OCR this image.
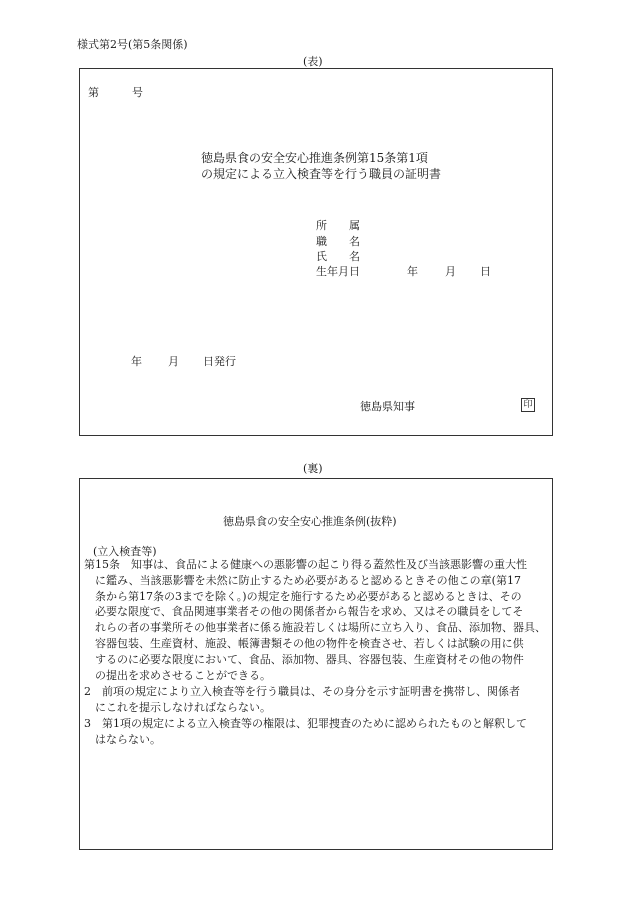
様式第2号(第5条関係)
(表)
第	号
徳島県食の安全安心推進条例第15条第1項
の規定による立入検査等を行う職員の証明書
所　　属
職　　名
氏　　名
生年月日	年 月 日
年 月 日発行
徳島県知事	印
(裏)
徳島県食の安全安心推進条例(抜粋)
(立入検査等)
第15条　知事は、食品による健康への悪影響の起こり得る蓋然性及び当該悪影響の重大性
に鑑み、当該悪影響を未然に防止するため必要があると認めるときその他この章(第17
条から第17条の3までを除く。)の規定を施行するため必要があると認めるときは、その
必要な限度で、食品関連事業者その他の関係者から報告を求め、又はその職員をしてそ
れらの者の事業所その他事業者に係る施設若しくは場所に立ち入り、食品、添加物、器具、
容器包装、生産資材、施設、帳簿書類その他の物件を検査させ、若しくは試験の用に供
するのに必要な限度において、食品、添加物、器具、容器包装、生産資材その他の物件
の提出を求めさせることができる。
2　前項の規定により立入検査等を行う職員は、その身分を示す証明書を携帯し、関係者
にこれを提示しなければならない。
3　第1項の規定による立入検査等の権限は、犯罪捜査のために認められたものと解釈して
はならない。
